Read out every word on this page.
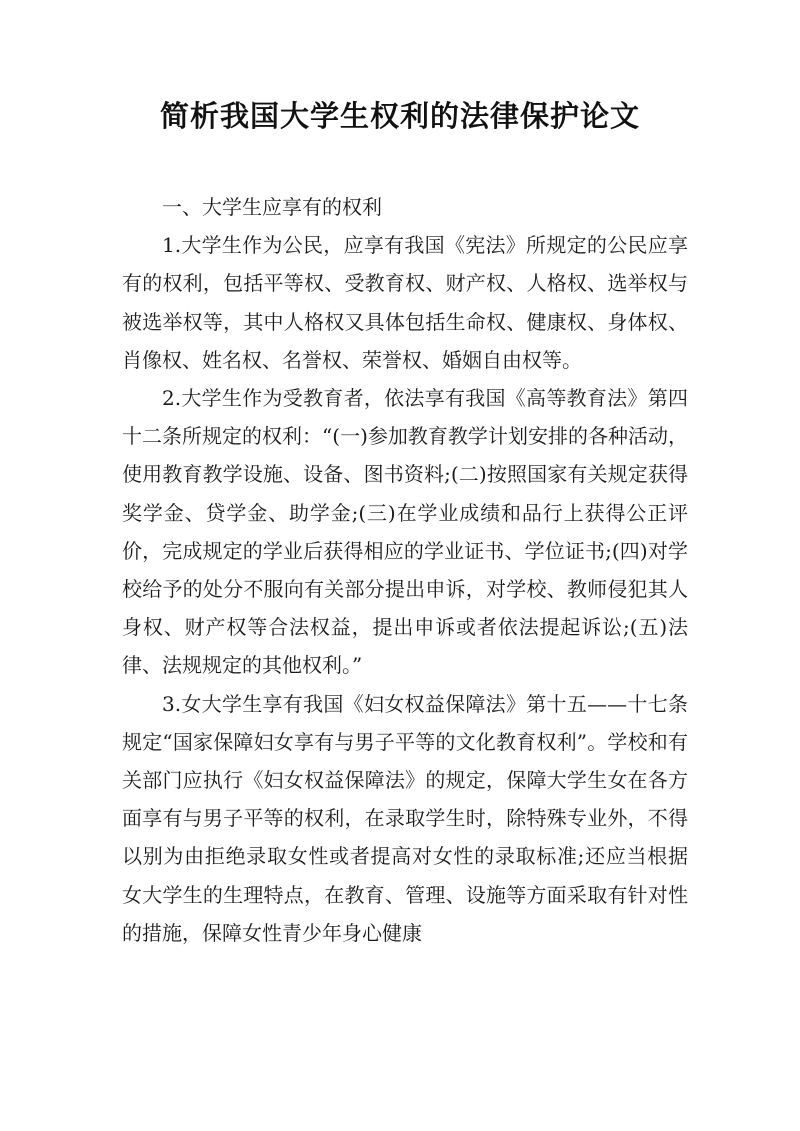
简析我国大学生权利的法律保护论文

一、大学生应享有的权利

1.大学生作为公民，应享有我国《宪法》所规定的公民应享有的权利，包括平等权、受教育权、财产权、人格权、选举权与被选举权等，其中人格权又具体包括生命权、健康权、身体权、肖像权、姓名权、名誉权、荣誉权、婚姻自由权等。

2.大学生作为受教育者，依法享有我国《高等教育法》第四十二条所规定的权利：“(一)参加教育教学计划安排的各种活动，使用教育教学设施、设备、图书资料;(二)按照国家有关规定获得奖学金、贷学金、助学金;(三)在学业成绩和品行上获得公正评价，完成规定的学业后获得相应的学业证书、学位证书;(四)对学校给予的处分不服向有关部分提出申诉，对学校、教师侵犯其人身权、财产权等合法权益，提出申诉或者依法提起诉讼;(五)法律、法规规定的其他权利。”

3.女大学生享有我国《妇女权益保障法》第十五——十七条规定“国家保障妇女享有与男子平等的文化教育权利”。学校和有关部门应执行《妇女权益保障法》的规定，保障大学生女在各方面享有与男子平等的权利，在录取学生时，除特殊专业外，不得以别为由拒绝录取女性或者提高对女性的录取标准;还应当根据女大学生的生理特点，在教育、管理、设施等方面采取有针对性的措施，保障女性青少年身心健康
